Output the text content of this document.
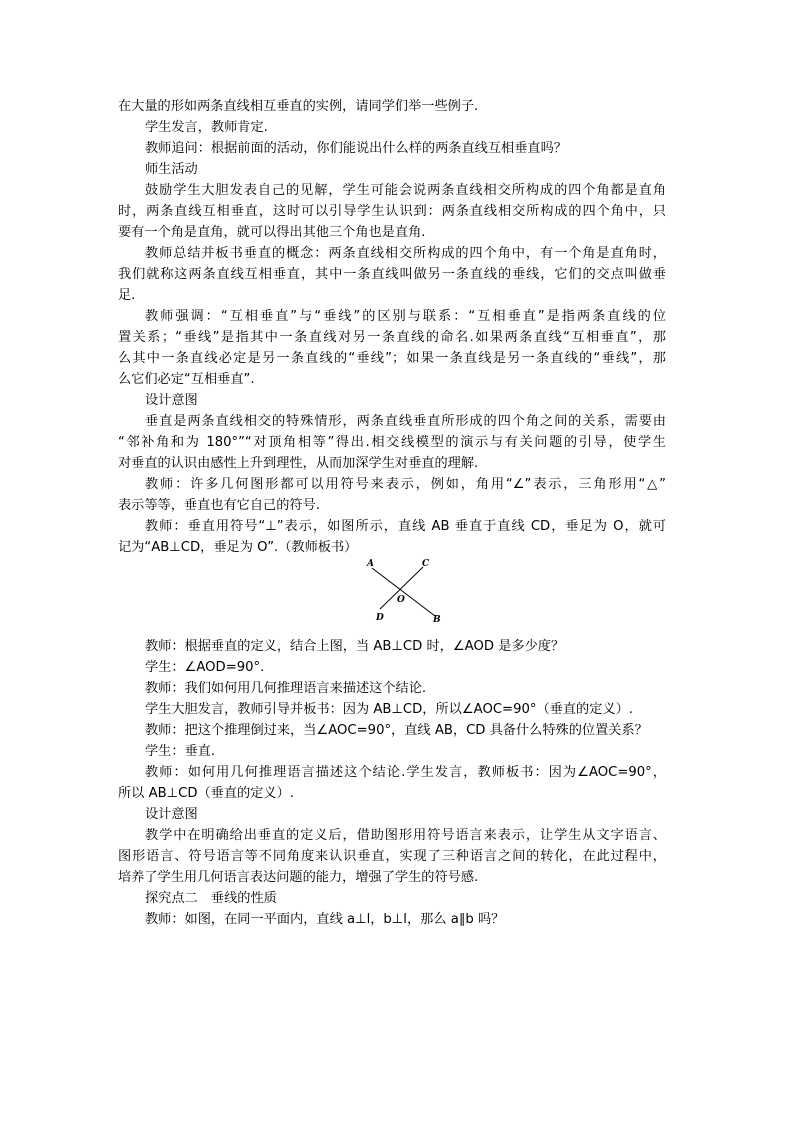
在大量的形如两条直线相互垂直的实例，请同学们举一些例子.
学生发言，教师肯定.
教师追问：根据前面的活动，你们能说出什么样的两条直线互相垂直吗？
师生活动
鼓励学生大胆发表自己的见解，学生可能会说两条直线相交所构成的四个角都是直角
时，两条直线互相垂直，这时可以引导学生认识到：两条直线相交所构成的四个角中，只
要有一个角是直角，就可以得出其他三个角也是直角.
教师总结并板书垂直的概念：两条直线相交所构成的四个角中，有一个角是直角时，
我们就称这两条直线互相垂直，其中一条直线叫做另一条直线的垂线，它们的交点叫做垂
足.
教师强调：“互相垂直”与“垂线”的区别与联系：“互相垂直”是指两条直线的位
置关系；“垂线”是指其中一条直线对另一条直线的命名.如果两条直线“互相垂直”，那
么其中一条直线必定是另一条直线的“垂线”；如果一条直线是另一条直线的“垂线”，那
么它们必定“互相垂直”.
设计意图
垂直是两条直线相交的特殊情形，两条直线垂直所形成的四个角之间的关系，需要由
“邻补角和为 180°”“对顶角相等”得出.相交线模型的演示与有关问题的引导，使学生
对垂直的认识由感性上升到理性，从而加深学生对垂直的理解.
教师：许多几何图形都可以用符号来表示，例如，角用“∠”表示，三角形用“△”
表示等等，垂直也有它自己的符号.
教师：垂直用符号“⊥”表示，如图所示，直线 AB 垂直于直线 CD，垂足为 O，就可
记为“AB⊥CD，垂足为 O”.（教师板书）
A	C
O
D	B
教师：根据垂直的定义，结合上图，当 AB⊥CD 时，∠AOD 是多少度？
学生：∠AOD=90°.
教师：我们如何用几何推理语言来描述这个结论.
学生大胆发言，教师引导并板书：因为 AB⊥CD，所以∠AOC=90°（垂直的定义）.
教师：把这个推理倒过来，当∠AOC=90°，直线 AB，CD 具备什么特殊的位置关系？
学生：垂直.
教师：如何用几何推理语言描述这个结论.学生发言，教师板书：因为∠AOC=90°，
所以 AB⊥CD（垂直的定义）.
设计意图
教学中在明确给出垂直的定义后，借助图形用符号语言来表示，让学生从文字语言、
图形语言、符号语言等不同角度来认识垂直，实现了三种语言之间的转化，在此过程中，
培养了学生用几何语言表达问题的能力，增强了学生的符号感.
探究点二　垂线的性质
教师：如图，在同一平面内，直线 a⊥l，b⊥l，那么 a∥b 吗？
